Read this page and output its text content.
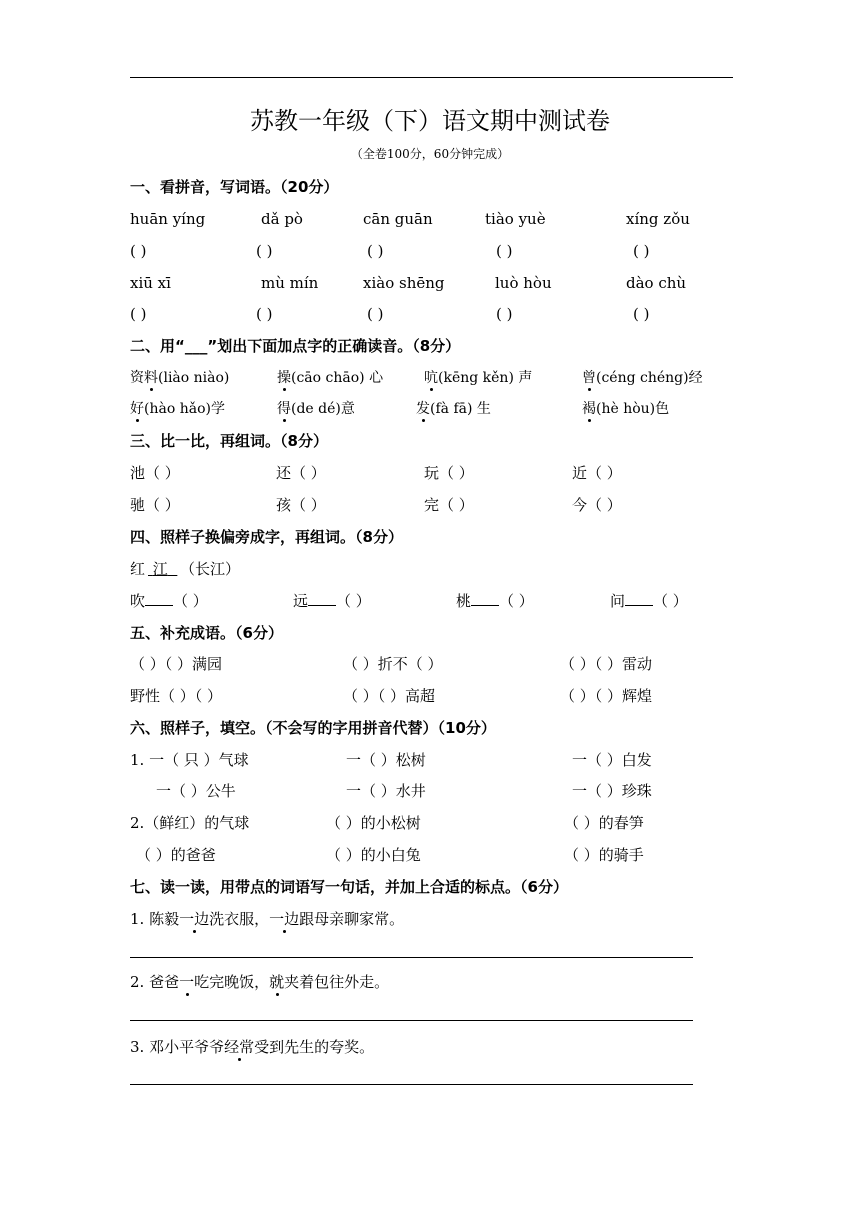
苏教一年级（下）语文期中测试卷
（全卷100分，60分钟完成）
一、看拼音，写词语。（20分）
huān yíng	dǎ pò	cān guān	tiào yuè	xíng zǒu
( )	( )	( )	( )	( )
xiū xī	mù mín	xiào shēng	luò hòu	dào chù
( )	( )	( )	( )	( )
二、用“___”划出下面加点字的正确读音。（8分）
资料(liào niào)	操(cāo chāo) 心	吭(kēng kěn) 声	曾(céng chéng)经
好(hào hǎo)学	得(de dé)意	发(fà fā) 生	褐(hè hòu)色
三、比一比，再组词。（8分）
池（ ）	还（ ）	玩（ ）	近（ ）
驰（ ）	孩（ ）	完（ ）	今（ ）
四、照样子换偏旁成字，再组词。（8分）
红 江 （长江）
吹 （ ）	远 （ ）	桃 （ ）	问 （ ）
五、补充成语。（6分）
（ ）（ ）满园	（ ）折不（ ）	（ ）（ ）雷动
野性（ ）（ ）	（ ）（ ）高超	（ ）（ ）辉煌
六、照样子，填空。（不会写的字用拼音代替）（10分）
1. 一（ 只 ）气球	一（ ）松树	一（ ）白发
一（ ）公牛	一（ ）水井	一（ ）珍珠
2.（鲜红）的气球	（ ）的小松树	（ ）的春笋
（ ）的爸爸	（ ）的小白兔	（ ）的骑手
七、读一读，用带点的词语写一句话，并加上合适的标点。（6分）
1. 陈毅一边洗衣服，一边跟母亲聊家常。
2. 爸爸一吃完晚饭，就夹着包往外走。
3. 邓小平爷爷经常受到先生的夸奖。
